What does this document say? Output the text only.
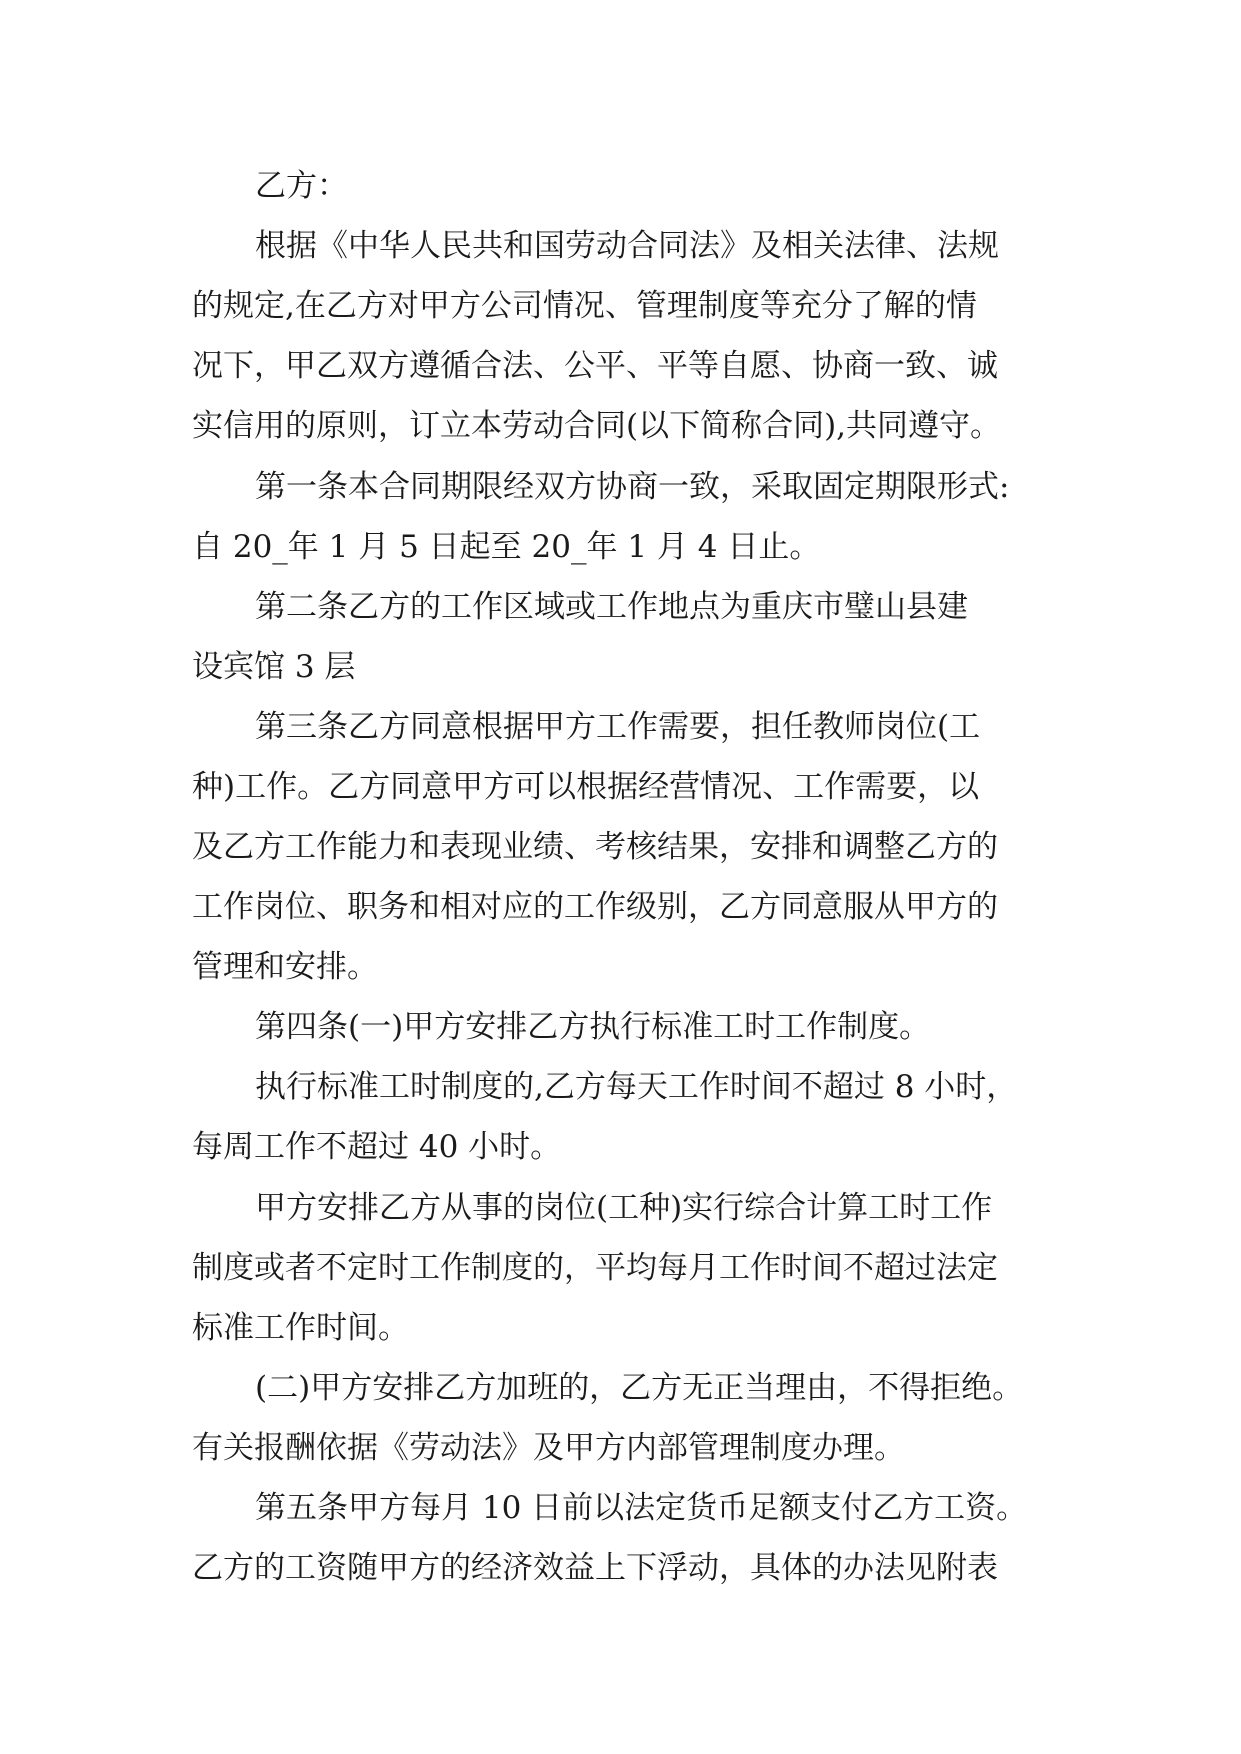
乙方：
根据《中华人民共和国劳动合同法》及相关法律、法规
的规定,在乙方对甲方公司情况、管理制度等充分了解的情
况下，甲乙双方遵循合法、公平、平等自愿、协商一致、诚
实信用的原则，订立本劳动合同(以下简称合同),共同遵守。
第一条本合同期限经双方协商一致，采取固定期限形式:
自 20_年 1 月 5 日起至 20_年 1 月 4 日止。
第二条乙方的工作区域或工作地点为重庆市璧山县建
设宾馆 3 层
第三条乙方同意根据甲方工作需要，担任教师岗位(工
种)工作。乙方同意甲方可以根据经营情况、工作需要，以
及乙方工作能力和表现业绩、考核结果，安排和调整乙方的
工作岗位、职务和相对应的工作级别，乙方同意服从甲方的
管理和安排。
第四条(一)甲方安排乙方执行标准工时工作制度。
执行标准工时制度的,乙方每天工作时间不超过 8 小时，
每周工作不超过 40 小时。
甲方安排乙方从事的岗位(工种)实行综合计算工时工作
制度或者不定时工作制度的，平均每月工作时间不超过法定
标准工作时间。
(二)甲方安排乙方加班的，乙方无正当理由，不得拒绝。
有关报酬依据《劳动法》及甲方内部管理制度办理。
第五条甲方每月 10 日前以法定货币足额支付乙方工资。
乙方的工资随甲方的经济效益上下浮动，具体的办法见附表
